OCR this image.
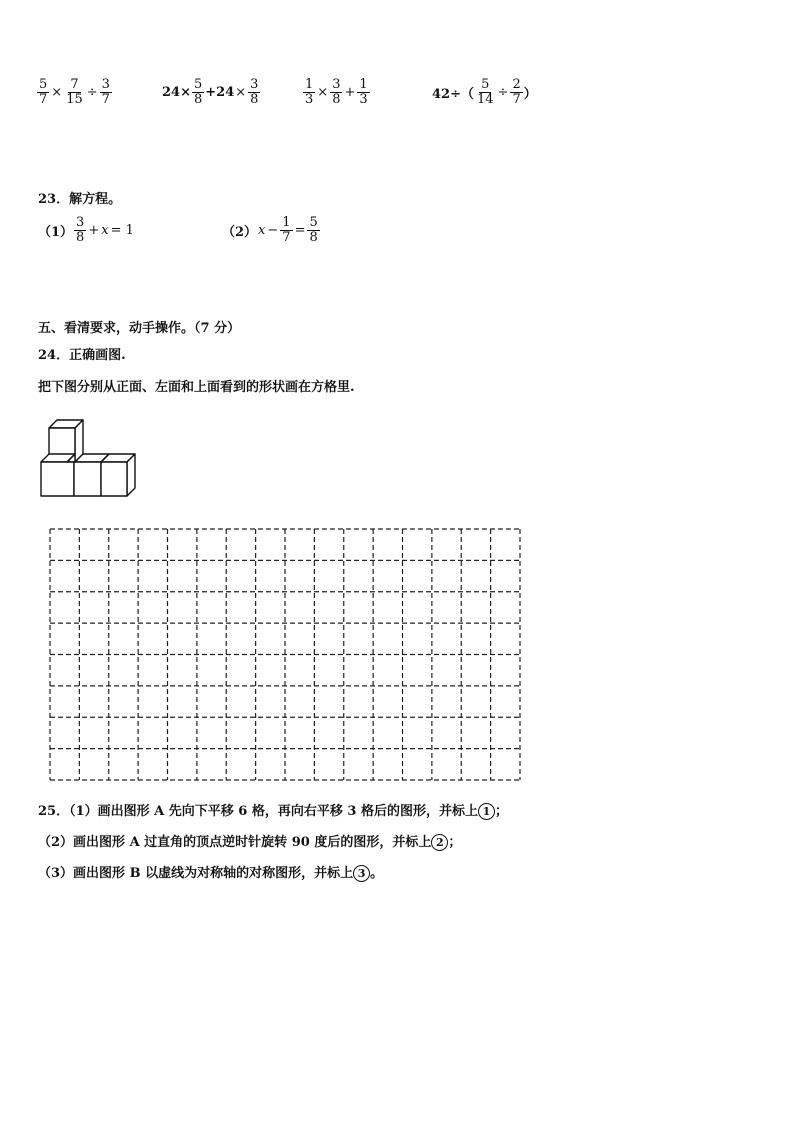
$\frac{5}{7} \times \frac{7}{15} \div \frac{3}{7}$	$24\times \frac{5}{8} +24 \times \frac{3}{8}$	$\frac{1}{3} \times \frac{3}{8} + \frac{1}{3}$	$42\div( \frac{5}{14} \div \frac{2}{7}$ ）
23．解方程。
$(1) \frac{3}{8} + x = 1$	（2） $x - \frac{1}{7} = \frac{5}{8}$
五、看清要求，动手操作。（7 分）
24．正确画图.
把下图分别从正面、左面和上面看到的形状画在方格里.
25．（1）画出图形 A 先向下平移 6 格，再向右平移 3 格后的图形，并标上 1 ；
（2）画出图形 A 过直角的顶点逆时针旋转 90 度后的图形，并标上 2 ；
（3）画出图形 B 以虚线为对称轴的对称图形，并标上 3 。
